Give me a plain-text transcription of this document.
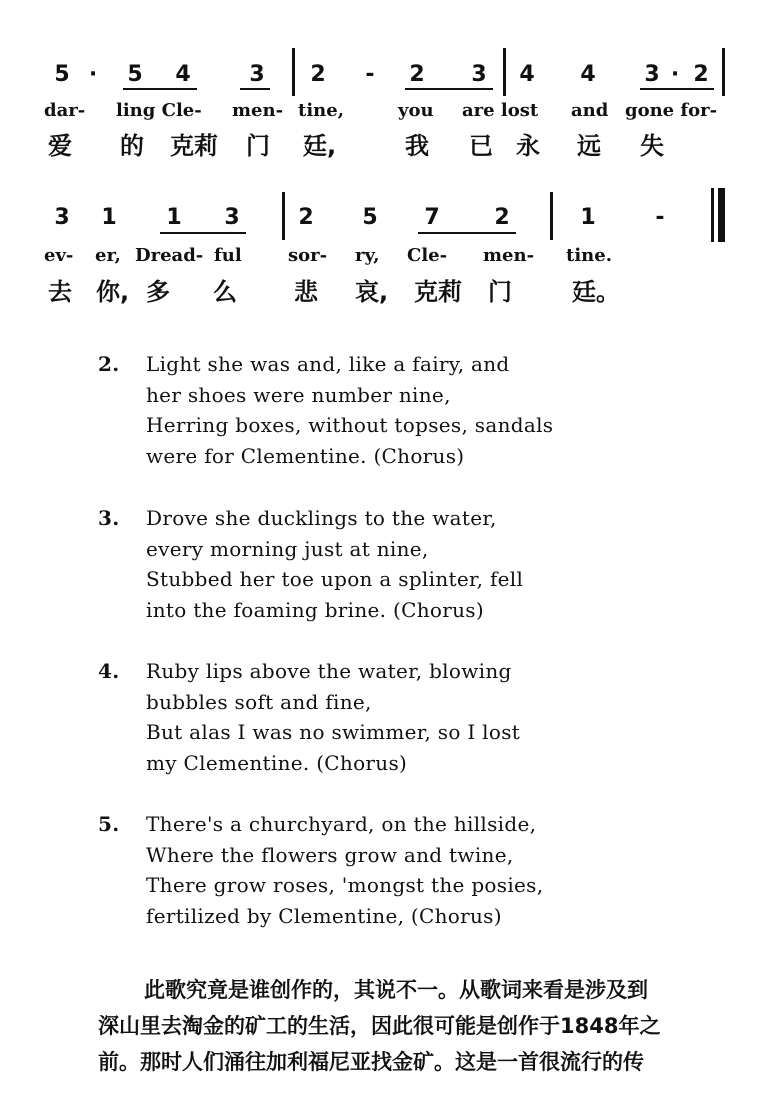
5 ·	5	4	3	2	-	2	3	4	4	3 · 2
dar- ling Cle- men- tine,	you are lost and gone for-
爱 的 克莉 门 廷,	我 已 永 远 失
3	1	1	3	2	5	7	2	1	-
ev- er, Dread- ful	sor- ry, Cle- men- tine.
去 你, 多 么 悲 哀, 克莉 门	廷。
2. Light she was and, like a fairy, and
her shoes were number nine,
Herring boxes, without topses, sandals
were for Clementine. (Chorus)
3. Drove she ducklings to the water,
every morning just at nine,
Stubbed her toe upon a splinter, fell
into the foaming brine. (Chorus)
4. Ruby lips above the water, blowing
bubbles soft and fine,
But alas I was no swimmer, so I lost
my Clementine. (Chorus)
5. There's a churchyard, on the hillside,
Where the flowers grow and twine,
There grow roses, 'mongst the posies,
fertilized by Clementine, (Chorus)
此歌究竟是谁创作的，其说不一。从歌词来看是涉及到
深山里去淘金的矿工的生活，因此很可能是创作于1848年之
前。那时人们涌往加利福尼亚找金矿。这是一首很流行的传
